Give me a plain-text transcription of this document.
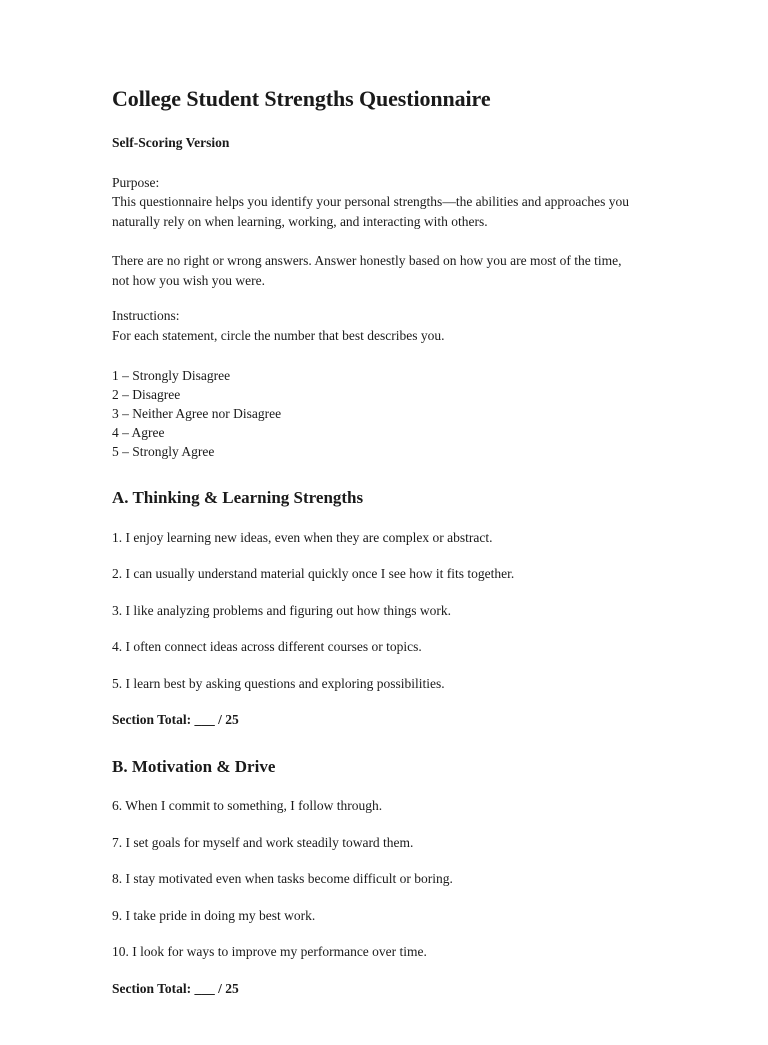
College Student Strengths Questionnaire

Self-Scoring Version

Purpose:
This questionnaire helps you identify your personal strengths—the abilities and approaches you naturally rely on when learning, working, and interacting with others.

There are no right or wrong answers. Answer honestly based on how you are most of the time, not how you wish you were.

Instructions:
For each statement, circle the number that best describes you.
1 – Strongly Disagree
2 – Disagree
3 – Neither Agree nor Disagree
4 – Agree
5 – Strongly Agree
A. Thinking & Learning Strengths

1. I enjoy learning new ideas, even when they are complex or abstract.

2. I can usually understand material quickly once I see how it fits together.

3. I like analyzing problems and figuring out how things work.

4. I often connect ideas across different courses or topics.

5. I learn best by asking questions and exploring possibilities.

Section Total: ___ / 25

B. Motivation & Drive

6. When I commit to something, I follow through.

7. I set goals for myself and work steadily toward them.

8. I stay motivated even when tasks become difficult or boring.

9. I take pride in doing my best work.

10. I look for ways to improve my performance over time.

Section Total: ___ / 25
